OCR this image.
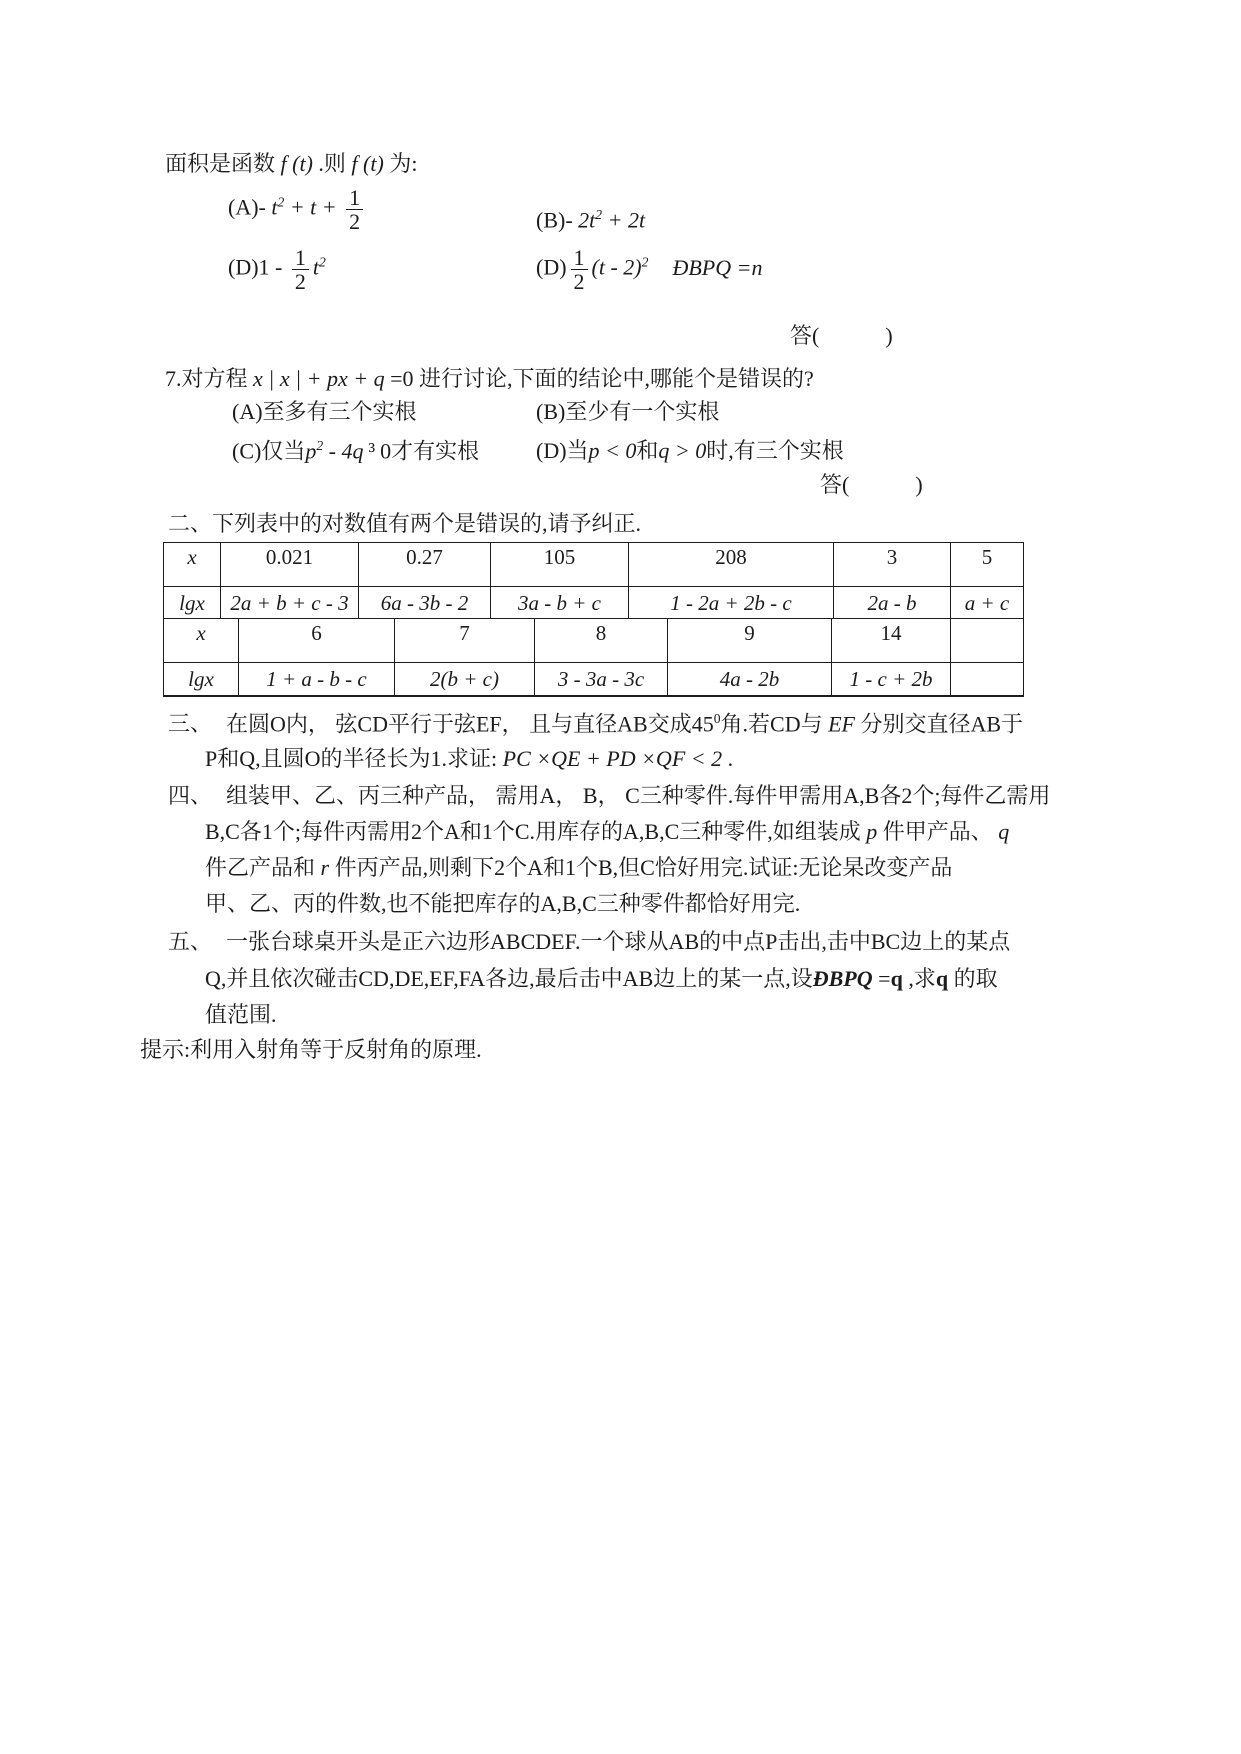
面积是函数 f (t) .则 f (t) 为:
(A)- $t^2 + t + \frac{1}{2}$	(B)- $2t^2 + 2t$
$(D)1 - \frac{1}{2} t^2$	$(D) \frac{1}{2} (t - 2)^2$ ÐBPQ =n
答(            )
7.对方程 x | x | + px + q =0 进行讨论,下面的结论中,哪能个是错误的?
(A)至多有三个实根	(B)至少有一个实根
(C)仅当$p^2 - 4q$ ³ 0才有实根	(D)当p < 0和q > 0时,有三个实根
答(            )
二、下列表中的对数值有两个是错误的,请予纠正.
x	0.021	0.27	105	208	3	5
lgx	2a + b + c - 3	6a - 3b - 2	3a - b + c	1 - 2a + 2b - c	2a - b	a + c
x	6	7	8	9	14	
lgx	1 + a - b - c	2(b + c)	3 - 3a - 3c	4a - 2b	1 - c + 2b	
三、 在圆O内， 弦CD平行于弦EF， 且与直径AB交成$45^0$角.若CD与 EF 分别交直径AB于
P和Q,且圆O的半径长为1.求证: PC ×QE + PD ×QF < 2 .
四、 组装甲、乙、丙三种产品， 需用A， B， C三种零件.每件甲需用A,B各2个;每件乙需用
B,C各1个;每件丙需用2个A和1个C.用库存的A,B,C三种零件,如组装成 p 件甲产品、 q
件乙产品和 r 件丙产品,则剩下2个A和1个B,但C恰好用完.试证:无论杲改变产品
甲、乙、丙的件数,也不能把库存的A,B,C三种零件都恰好用完.
五、 一张台球桌开头是正六边形ABCDEF.一个球从AB的中点P击出,击中BC边上的某点
Q,并且依次碰击CD,DE,EF,FA各边,最后击中AB边上的某一点,设ÐBPQ =q ,求q 的取
值范围.
提示:利用入射角等于反射角的原理.
